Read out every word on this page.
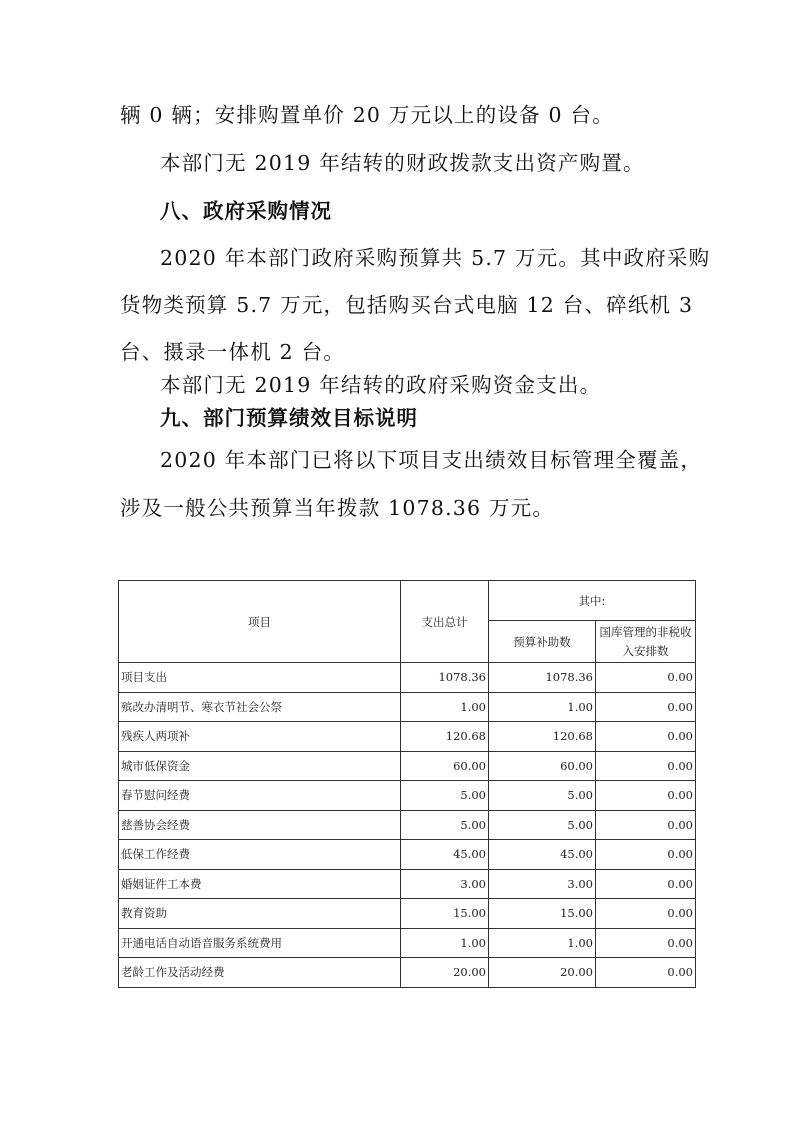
辆 0 辆；安排购置单价 20 万元以上的设备 0 台。
本部门无 2019 年结转的财政拨款支出资产购置。
八、政府采购情况
2020 年本部门政府采购预算共 5.7 万元。其中政府采购
货物类预算 5.7 万元，包括购买台式电脑 12 台、碎纸机 3
台、摄录一体机 2 台。
本部门无 2019 年结转的政府采购资金支出。
九、部门预算绩效目标说明
2020 年本部门已将以下项目支出绩效目标管理全覆盖，
涉及一般公共预算当年拨款 1078.36 万元。
项目	支出总计	其中:	
		预算补助数	国库管理的非税收入安排数
项目支出	1078.36	1078.36	0.00
殡改办清明节、寒衣节社会公祭	1.00	1.00	0.00
残疾人两项补	120.68	120.68	0.00
城市低保资金	60.00	60.00	0.00
春节慰问经费	5.00	5.00	0.00
慈善协会经费	5.00	5.00	0.00
低保工作经费	45.00	45.00	0.00
婚姻证件工本费	3.00	3.00	0.00
教育资助	15.00	15.00	0.00
开通电话自动语音服务系统费用	1.00	1.00	0.00
老龄工作及活动经费	20.00	20.00	0.00
